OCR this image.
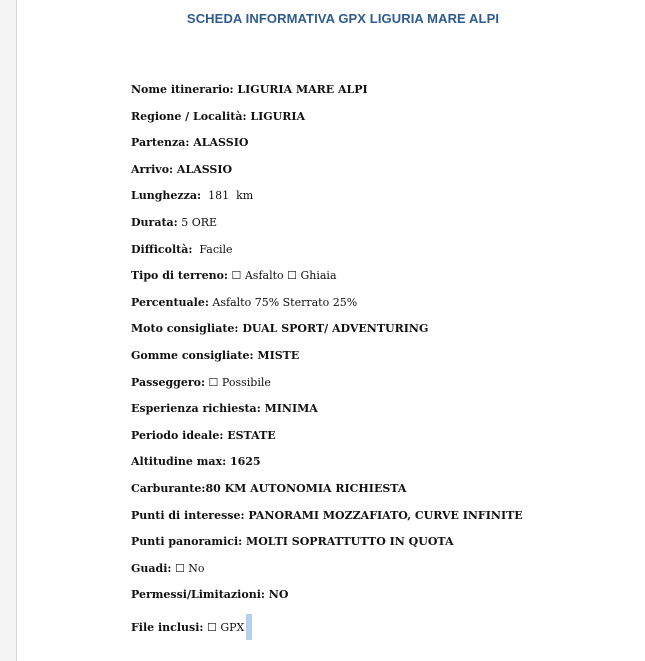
SCHEDA INFORMATIVA GPX LIGURIA MARE ALPI
Nome itinerario: LIGURIA MARE ALPI
Regione / Località: LIGURIA
Partenza: ALASSIO
Arrivo: ALASSIO
Lunghezza:  181  km
Durata: 5 ORE
Difficoltà:  Facile
Tipo di terreno: ☐ Asfalto ☐ Ghiaia
Percentuale: Asfalto 75% Sterrato 25%
Moto consigliate: DUAL SPORT/ ADVENTURING
Gomme consigliate: MISTE
Passeggero: ☐ Possibile
Esperienza richiesta: MINIMA
Periodo ideale: ESTATE
Altitudine max: 1625
Carburante:80 KM AUTONOMIA RICHIESTA
Punti di interesse: PANORAMI MOZZAFIATO, CURVE INFINITE
Punti panoramici: MOLTI SOPRATTUTTO IN QUOTA
Guadi: ☐ No
Permessi/Limitazioni: NO
File inclusi: ☐ GPX
